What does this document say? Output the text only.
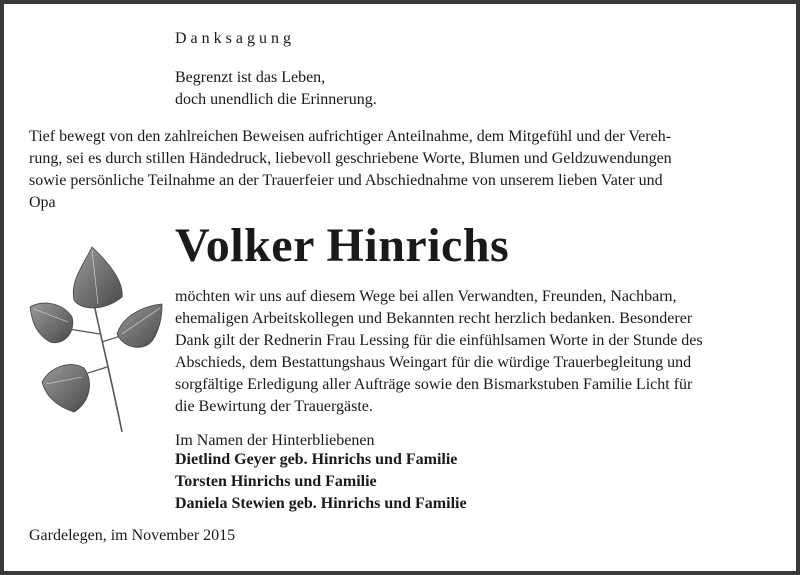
Danksagung
Begrenzt ist das Leben,
doch unendlich die Erinnerung.
Tief bewegt von den zahlreichen Beweisen aufrichtiger Anteilnahme, dem Mitgefühl und der Vereh-
rung, sei es durch stillen Händedruck, liebevoll geschriebene Worte, Blumen und Geldzuwendungen
sowie persönliche Teilnahme an der Trauerfeier und Abschiednahme von unserem lieben Vater und
Opa
Volker Hinrichs
möchten wir uns auf diesem Wege bei allen Verwandten, Freunden, Nachbarn,
ehemaligen Arbeitskollegen und Bekannten recht herzlich bedanken. Besonderer
Dank gilt der Rednerin Frau Lessing für die einfühlsamen Worte in der Stunde des
Abschieds, dem Bestattungshaus Weingart für die würdige Trauerbegleitung und
sorgfältige Erledigung aller Aufträge sowie den Bismarkstuben Familie Licht für
die Bewirtung der Trauergäste.
Im Namen der Hinterbliebenen
Dietlind Geyer geb. Hinrichs und Familie
Torsten Hinrichs und Familie
Daniela Stewien geb. Hinrichs und Familie
Gardelegen, im November 2015
